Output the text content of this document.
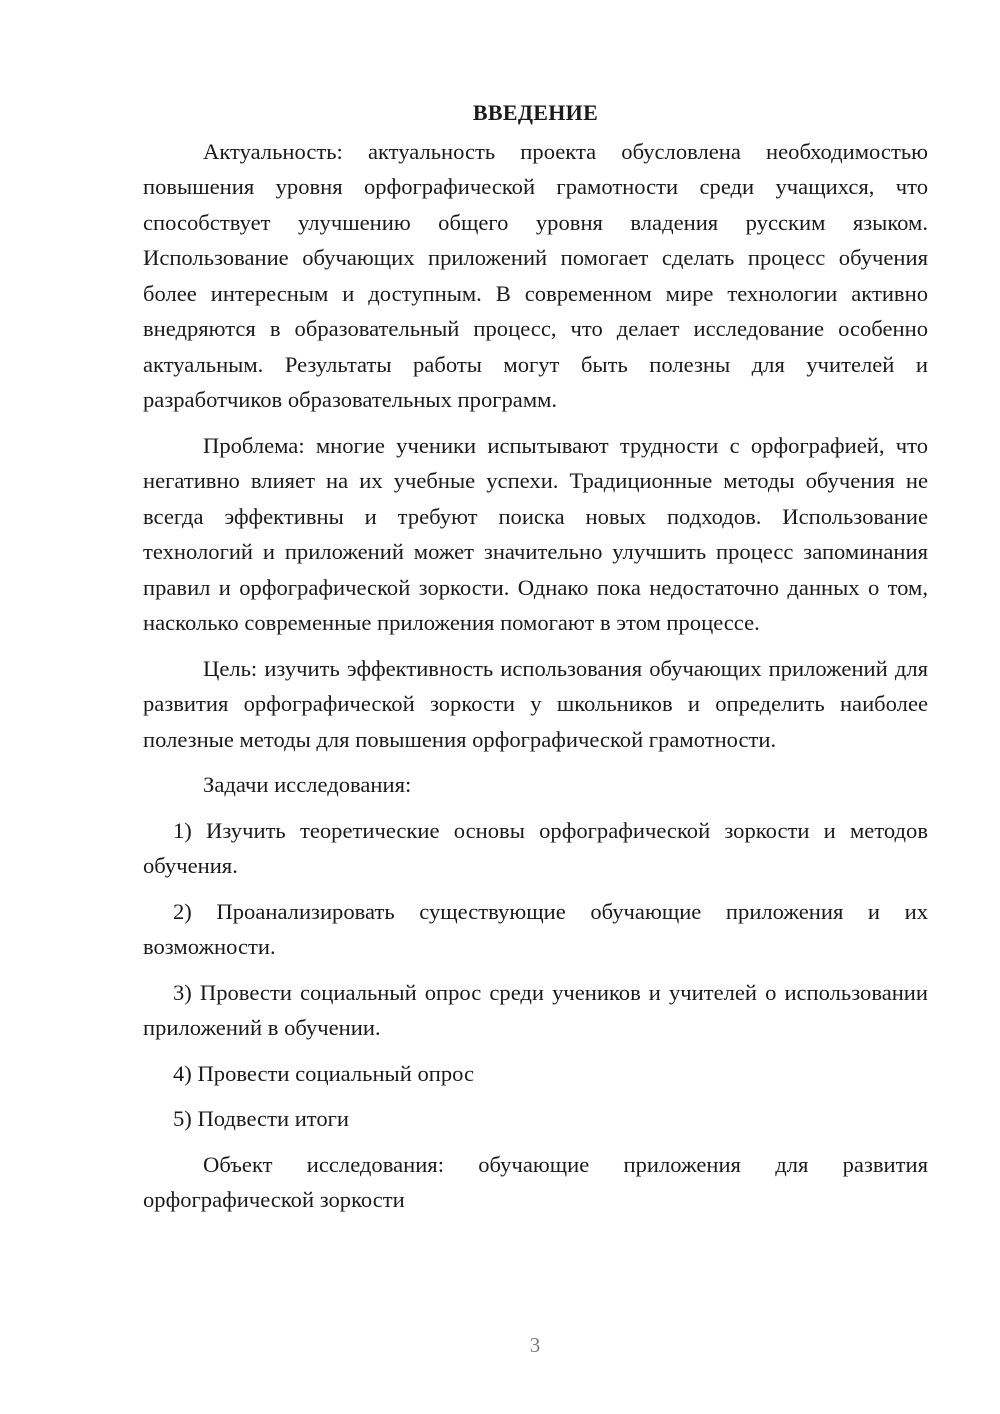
ВВЕДЕНИЕ

Актуальность: актуальность проекта обусловлена необходимостью повышения уровня орфографической грамотности среди учащихся, что способствует улучшению общего уровня владения русским языком. Использование обучающих приложений помогает сделать процесс обучения более интересным и доступным. В современном мире технологии активно внедряются в образовательный процесс, что делает исследование особенно актуальным. Результаты работы могут быть полезны для учителей и разработчиков образовательных программ.

Проблема: многие ученики испытывают трудности с орфографией, что негативно влияет на их учебные успехи. Традиционные методы обучения не всегда эффективны и требуют поиска новых подходов. Использование технологий и приложений может значительно улучшить процесс запоминания правил и орфографической зоркости. Однако пока недостаточно данных о том, насколько современные приложения помогают в этом процессе.

Цель: изучить эффективность использования обучающих приложений для развития орфографической зоркости у школьников и определить наиболее полезные методы для повышения орфографической грамотности.

Задачи исследования:

1) Изучить теоретические основы орфографической зоркости и методов обучения.

2) Проанализировать существующие обучающие приложения и их возможности.

3) Провести социальный опрос среди учеников и учителей о использовании приложений в обучении.

4) Провести социальный опрос

5) Подвести итоги

Объект исследования: обучающие приложения для развития орфографической зоркости

3
